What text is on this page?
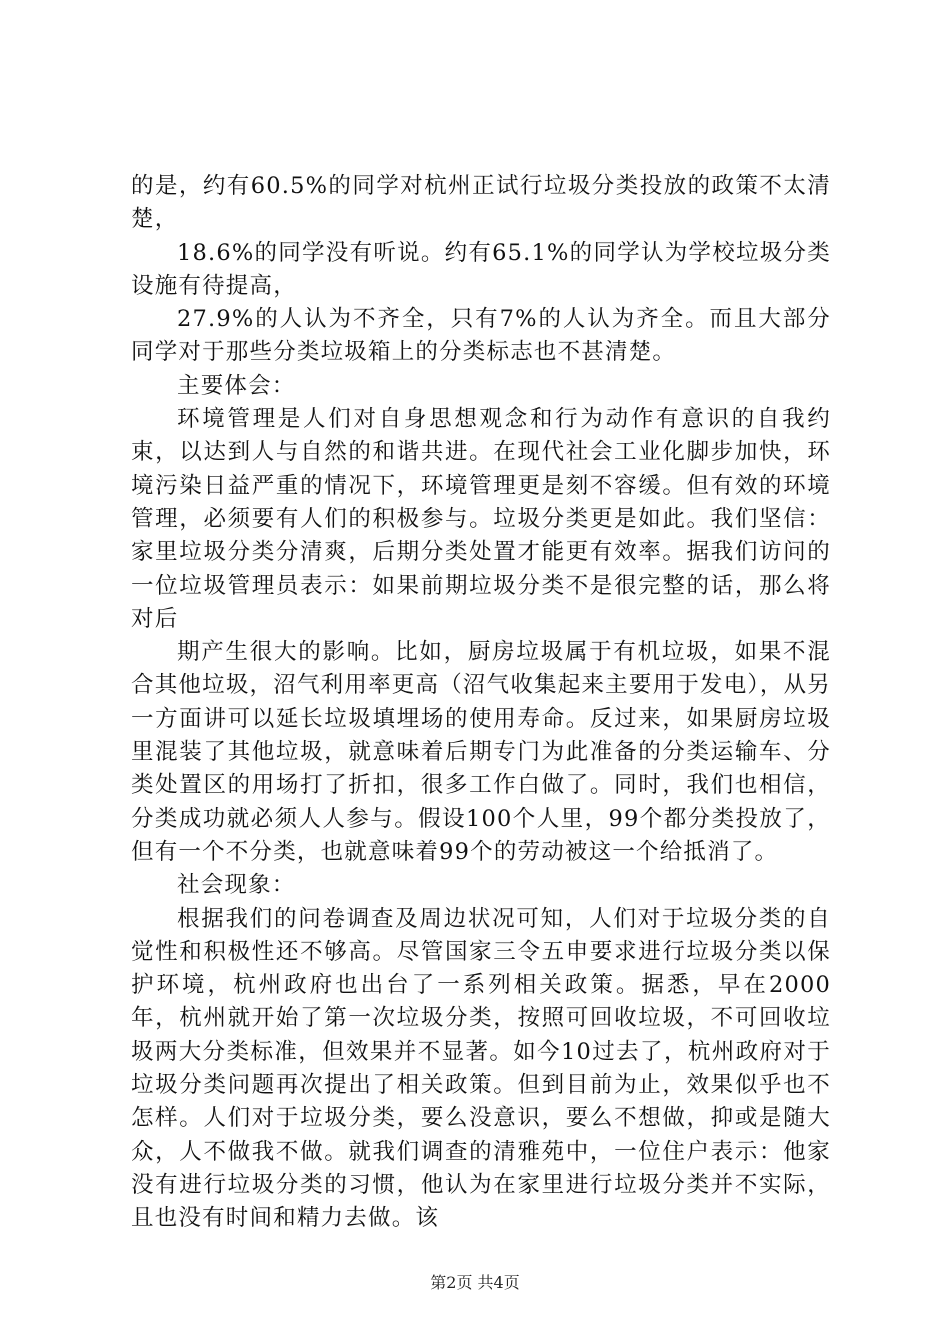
的是，约有60.5%的同学对杭州正试行垃圾分类投放的政策不太清楚，

18.6%的同学没有听说。约有65.1%的同学认为学校垃圾分类设施有待提高，

27.9%的人认为不齐全，只有7%的人认为齐全。而且大部分同学对于那些分类垃圾箱上的分类标志也不甚清楚。

主要体会：

环境管理是人们对自身思想观念和行为动作有意识的自我约束，以达到人与自然的和谐共进。在现代社会工业化脚步加快，环境污染日益严重的情况下，环境管理更是刻不容缓。但有效的环境管理，必须要有人们的积极参与。垃圾分类更是如此。我们坚信：家里垃圾分类分清爽，后期分类处置才能更有效率。据我们访问的一位垃圾管理员表示：如果前期垃圾分类不是很完整的话，那么将对后

期产生很大的影响。比如，厨房垃圾属于有机垃圾，如果不混合其他垃圾，沼气利用率更高（沼气收集起来主要用于发电），从另一方面讲可以延长垃圾填埋场的使用寿命。反过来，如果厨房垃圾里混装了其他垃圾，就意味着后期专门为此准备的分类运输车、分类处置区的用场打了折扣，很多工作白做了。同时，我们也相信，分类成功就必须人人参与。假设100个人里，99个都分类投放了，但有一个不分类，也就意味着99个的劳动被这一个给抵消了。

社会现象：

根据我们的问卷调查及周边状况可知，人们对于垃圾分类的自觉性和积极性还不够高。尽管国家三令五申要求进行垃圾分类以保护环境，杭州政府也出台了一系列相关政策。据悉，早在2000年，杭州就开始了第一次垃圾分类，按照可回收垃圾，不可回收垃圾两大分类标准，但效果并不显著。如今10过去了，杭州政府对于垃圾分类问题再次提出了相关政策。但到目前为止，效果似乎也不怎样。人们对于垃圾分类，要么没意识，要么不想做，抑或是随大众，人不做我不做。就我们调查的清雅苑中，一位住户表示：他家没有进行垃圾分类的习惯，他认为在家里进行垃圾分类并不实际，且也没有时间和精力去做。该

第2页 共4页
